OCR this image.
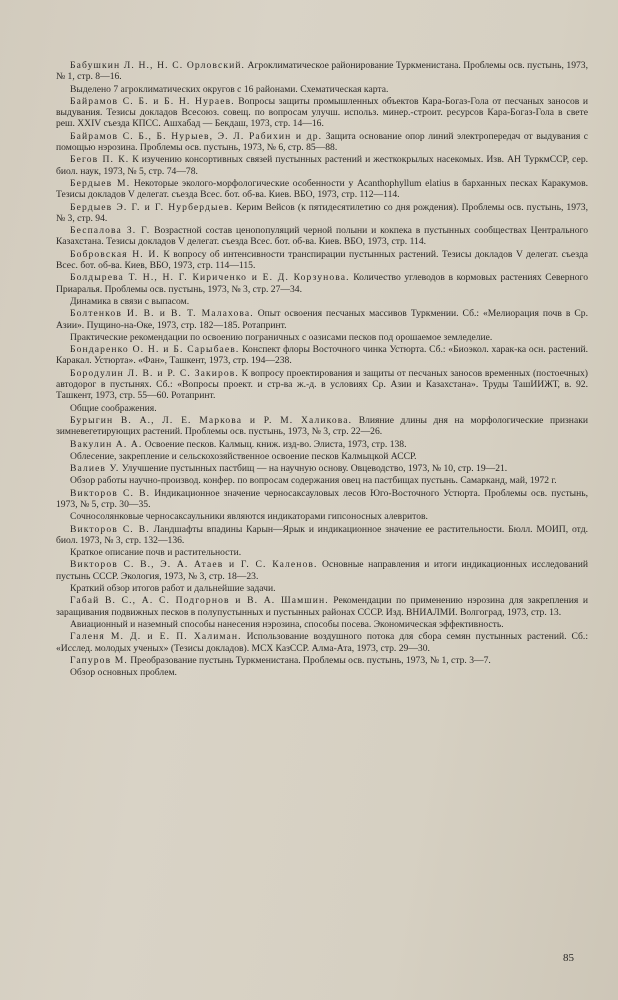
Бабушкин Л. Н., Н. С. Орловский. Агроклиматическое районирование Туркменистана. Проблемы осв. пустынь, 1973, № 1, стр. 8—16.

Выделено 7 агроклиматических округов с 16 районами. Схематическая карта.

Байрамов С. Б. и Б. Н. Нураев. Вопросы защиты промышленных объектов Кара-Богаз-Гола от песчаных заносов и выдувания. Тезисы докладов Всесоюз. совещ. по вопросам улучш. использ. минер.-строит. ресурсов Кара-Богаз-Гола в свете реш. XXIV съезда КПСС. Ашхабад — Бекдаш, 1973, стр. 14—16.

Байрамов С. Б., Б. Нурыев, Э. Л. Рабихин и др. Защита основание опор линий электропередач от выдувания с помощью нэрозина. Проблемы осв. пустынь, 1973, № 6, стр. 85—88.

Бегов П. К. К изучению консортивных связей пустынных растений и жесткокрылых насекомых. Изв. АН ТуркмССР, сер. биол. наук, 1973, № 5, стр. 74—78.

Бердыев М. Некоторые эколого-морфологические особенности у Acanthophyllum elatius в барханных песках Каракумов. Тезисы докладов V делегат. съезда Всес. бот. об-ва. Киев. ВБО, 1973, стр. 112—114.

Бердыев Э. Г. и Г. Нурбердыев. Керим Вейсов (к пятидесятилетию со дня рождения). Проблемы осв. пустынь, 1973, № 3, стр. 94.

Беспалова З. Г. Возрастной состав ценопопуляций черной полыни и кокпека в пустынных сообществах Центрального Казахстана. Тезисы докладов V делегат. съезда Всес. бот. об-ва. Киев. ВБО, 1973, стр. 114.

Бобровская Н. И. К вопросу об интенсивности транспирации пустынных растений. Тезисы докладов V делегат. съезда Всес. бот. об-ва. Киев, ВБО, 1973, стр. 114—115.

Болдырева Т. Н., Н. Г. Кириченко и Е. Д. Корзунова. Количество углеводов в кормовых растениях Северного Приаралья. Проблемы осв. пустынь, 1973, № 3, стр. 27—34.

Динамика в связи с выпасом.

Болтенков И. В. и В. Т. Малахова. Опыт освоения песчаных массивов Туркмении. Сб.: «Мелиорация почв в Ср. Азии». Пущино-на-Оке, 1973, стр. 182—185. Ротапринт.

Практические рекомендации по освоению пограничных с оазисами песков под орошаемое земледелие.

Бондаренко О. Н. и Б. Сарыбаев. Конспект флоры Восточного чинка Устюрта. Сб.: «Биоэкол. харак-ка осн. растений. Каракал. Устюрта». «Фан», Ташкент, 1973, стр. 194—238.

Бородулин Л. В. и Р. С. Закиров. К вопросу проектирования и защиты от песчаных заносов временных (постоечных) автодорог в пустынях. Сб.: «Вопросы проект. и стр-ва ж.-д. в условиях Ср. Азии и Казахстана». Труды ТашИИЖТ, в. 92. Ташкент, 1973, стр. 55—60. Ротапринт.

Общие соображения.

Бурыгин В. А., Л. Е. Маркова и Р. М. Халикова. Влияние длины дня на морфологические признаки зимневегетирующих растений. Проблемы осв. пустынь, 1973, № 3, стр. 22—26.

Вакулин А. А. Освоение песков. Калмыц. книж. изд-во. Элиста, 1973, стр. 138.

Облесение, закрепление и сельскохозяйственное освоение песков Калмыцкой АССР.

Валиев У. Улучшение пустынных пастбищ — на научную основу. Овцеводство, 1973, № 10, стр. 19—21.

Обзор работы научно-производ. конфер. по вопросам содержания овец на пастбищах пустынь. Самарканд, май, 1972 г.

Викторов С. В. Индикационное значение черносаксауловых лесов Юго-Восточного Устюрта. Проблемы осв. пустынь, 1973, № 5, стр. 30—35.

Сочносолянковые черносаксаульники являются индикаторами гипсоносных алевритов.

Викторов С. В. Ландшафты впадины Карын—Ярык и индикационное значение ее растительности. Бюлл. МОИП, отд. биол. 1973, № 3, стр. 132—136.

Краткое описание почв и растительности.

Викторов С. В., Э. А. Атаев и Г. С. Каленов. Основные направления и итоги индикационных исследований пустынь СССР. Экология, 1973, № 3, стр. 18—23.

Краткий обзор итогов работ и дальнейшие задачи.

Габай В. С., А. С. Подгорнов и В. А. Шамшин. Рекомендации по применению нэрозина для закрепления и заращивания подвижных песков в полупустынных и пустынных районах СССР. Изд. ВНИАЛМИ. Волгоград, 1973, стр. 13.

Авиационный и наземный способы нанесения нэрозина, способы посева. Экономическая эффективность.

Галеня М. Д. и Е. П. Халиман. Использование воздушного потока для сбора семян пустынных растений. Сб.: «Исслед. молодых ученых» (Тезисы докладов). МСХ КазССР. Алма-Ата, 1973, стр. 29—30.

Гапуров М. Преобразование пустынь Туркменистана. Проблемы осв. пустынь, 1973, № 1, стр. 3—7.

Обзор основных проблем.

85
